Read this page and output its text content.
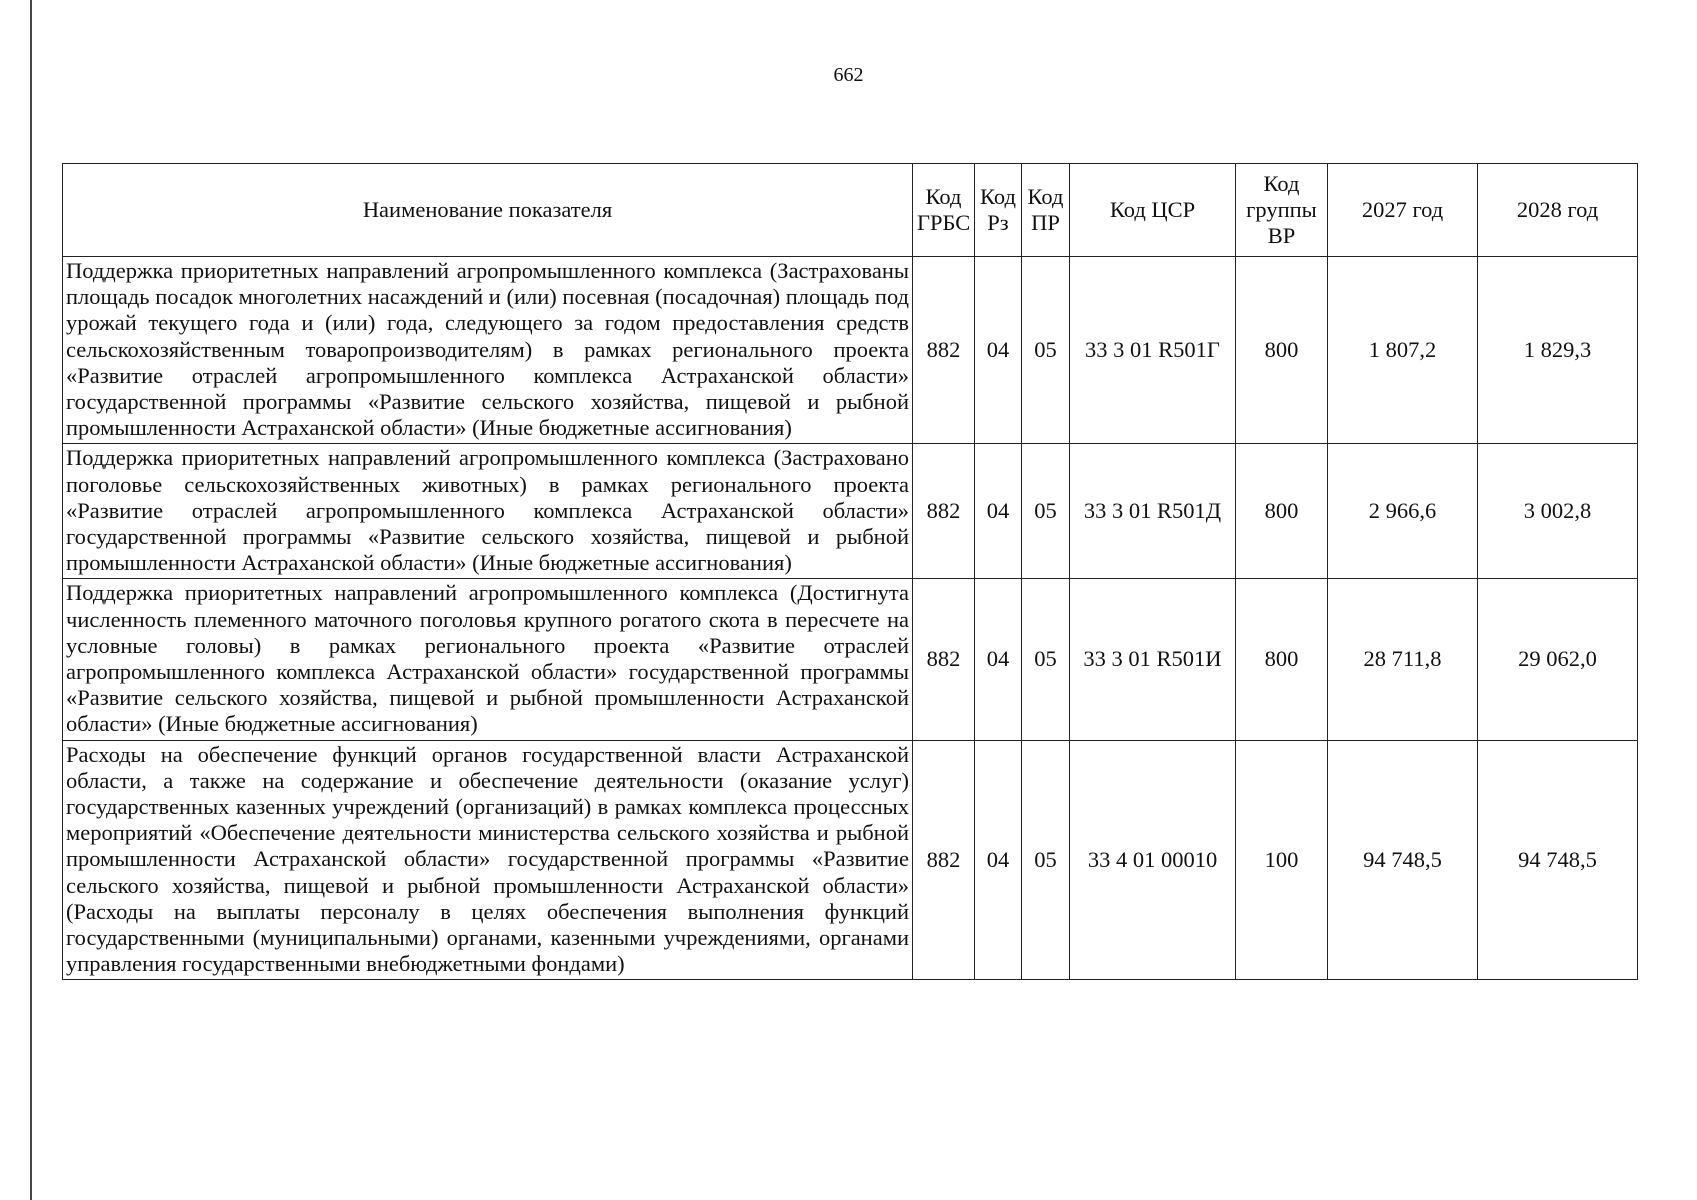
662
Наименование показателя	Код ГРБС	Код Рз	Код ПР	Код ЦСР	Код группы ВР	2027 год	2028 год
Поддержка приоритетных направлений агропромышленного комплекса (Застрахованы площадь посадок многолетних насаждений и (или) посевная (посадочная) площадь под урожай текущего года и (или) года, следующего за годом предоставления средств сельскохозяйственным товаропроизводителям) в рамках регионального проекта «Развитие отраслей агропромышленного комплекса Астраханской области» государственной программы «Развитие сельского хозяйства, пищевой и рыбной промышленности Астраханской области» (Иные бюджетные ассигнования)	882	04	05	33 3 01 R501Г	800	1 807,2	1 829,3
Поддержка приоритетных направлений агропромышленного комплекса (Застраховано поголовье сельскохозяйственных животных) в рамках регионального проекта «Развитие отраслей агропромышленного комплекса Астраханской области» государственной программы «Развитие сельского хозяйства, пищевой и рыбной промышленности Астраханской области» (Иные бюджетные ассигнования)	882	04	05	33 3 01 R501Д	800	2 966,6	3 002,8
Поддержка приоритетных направлений агропромышленного комплекса (Достигнута численность племенного маточного поголовья крупного рогатого скота в пересчете на условные головы) в рамках регионального проекта «Развитие отраслей агропромышленного комплекса Астраханской области» государственной программы «Развитие сельского хозяйства, пищевой и рыбной промышленности Астраханской области» (Иные бюджетные ассигнования)	882	04	05	33 3 01 R501И	800	28 711,8	29 062,0
Расходы на обеспечение функций органов государственной власти Астраханской области, а также на содержание и обеспечение деятельности (оказание услуг) государственных казенных учреждений (организаций) в рамках комплекса процессных мероприятий «Обеспечение деятельности министерства сельского хозяйства и рыбной промышленности Астраханской области» государственной программы «Развитие сельского хозяйства, пищевой и рыбной промышленности Астраханской области» (Расходы на выплаты персоналу в целях обеспечения выполнения функций государственными (муниципальными) органами, казенными учреждениями, органами управления государственными внебюджетными фондами)	882	04	05	33 4 01 00010	100	94 748,5	94 748,5
